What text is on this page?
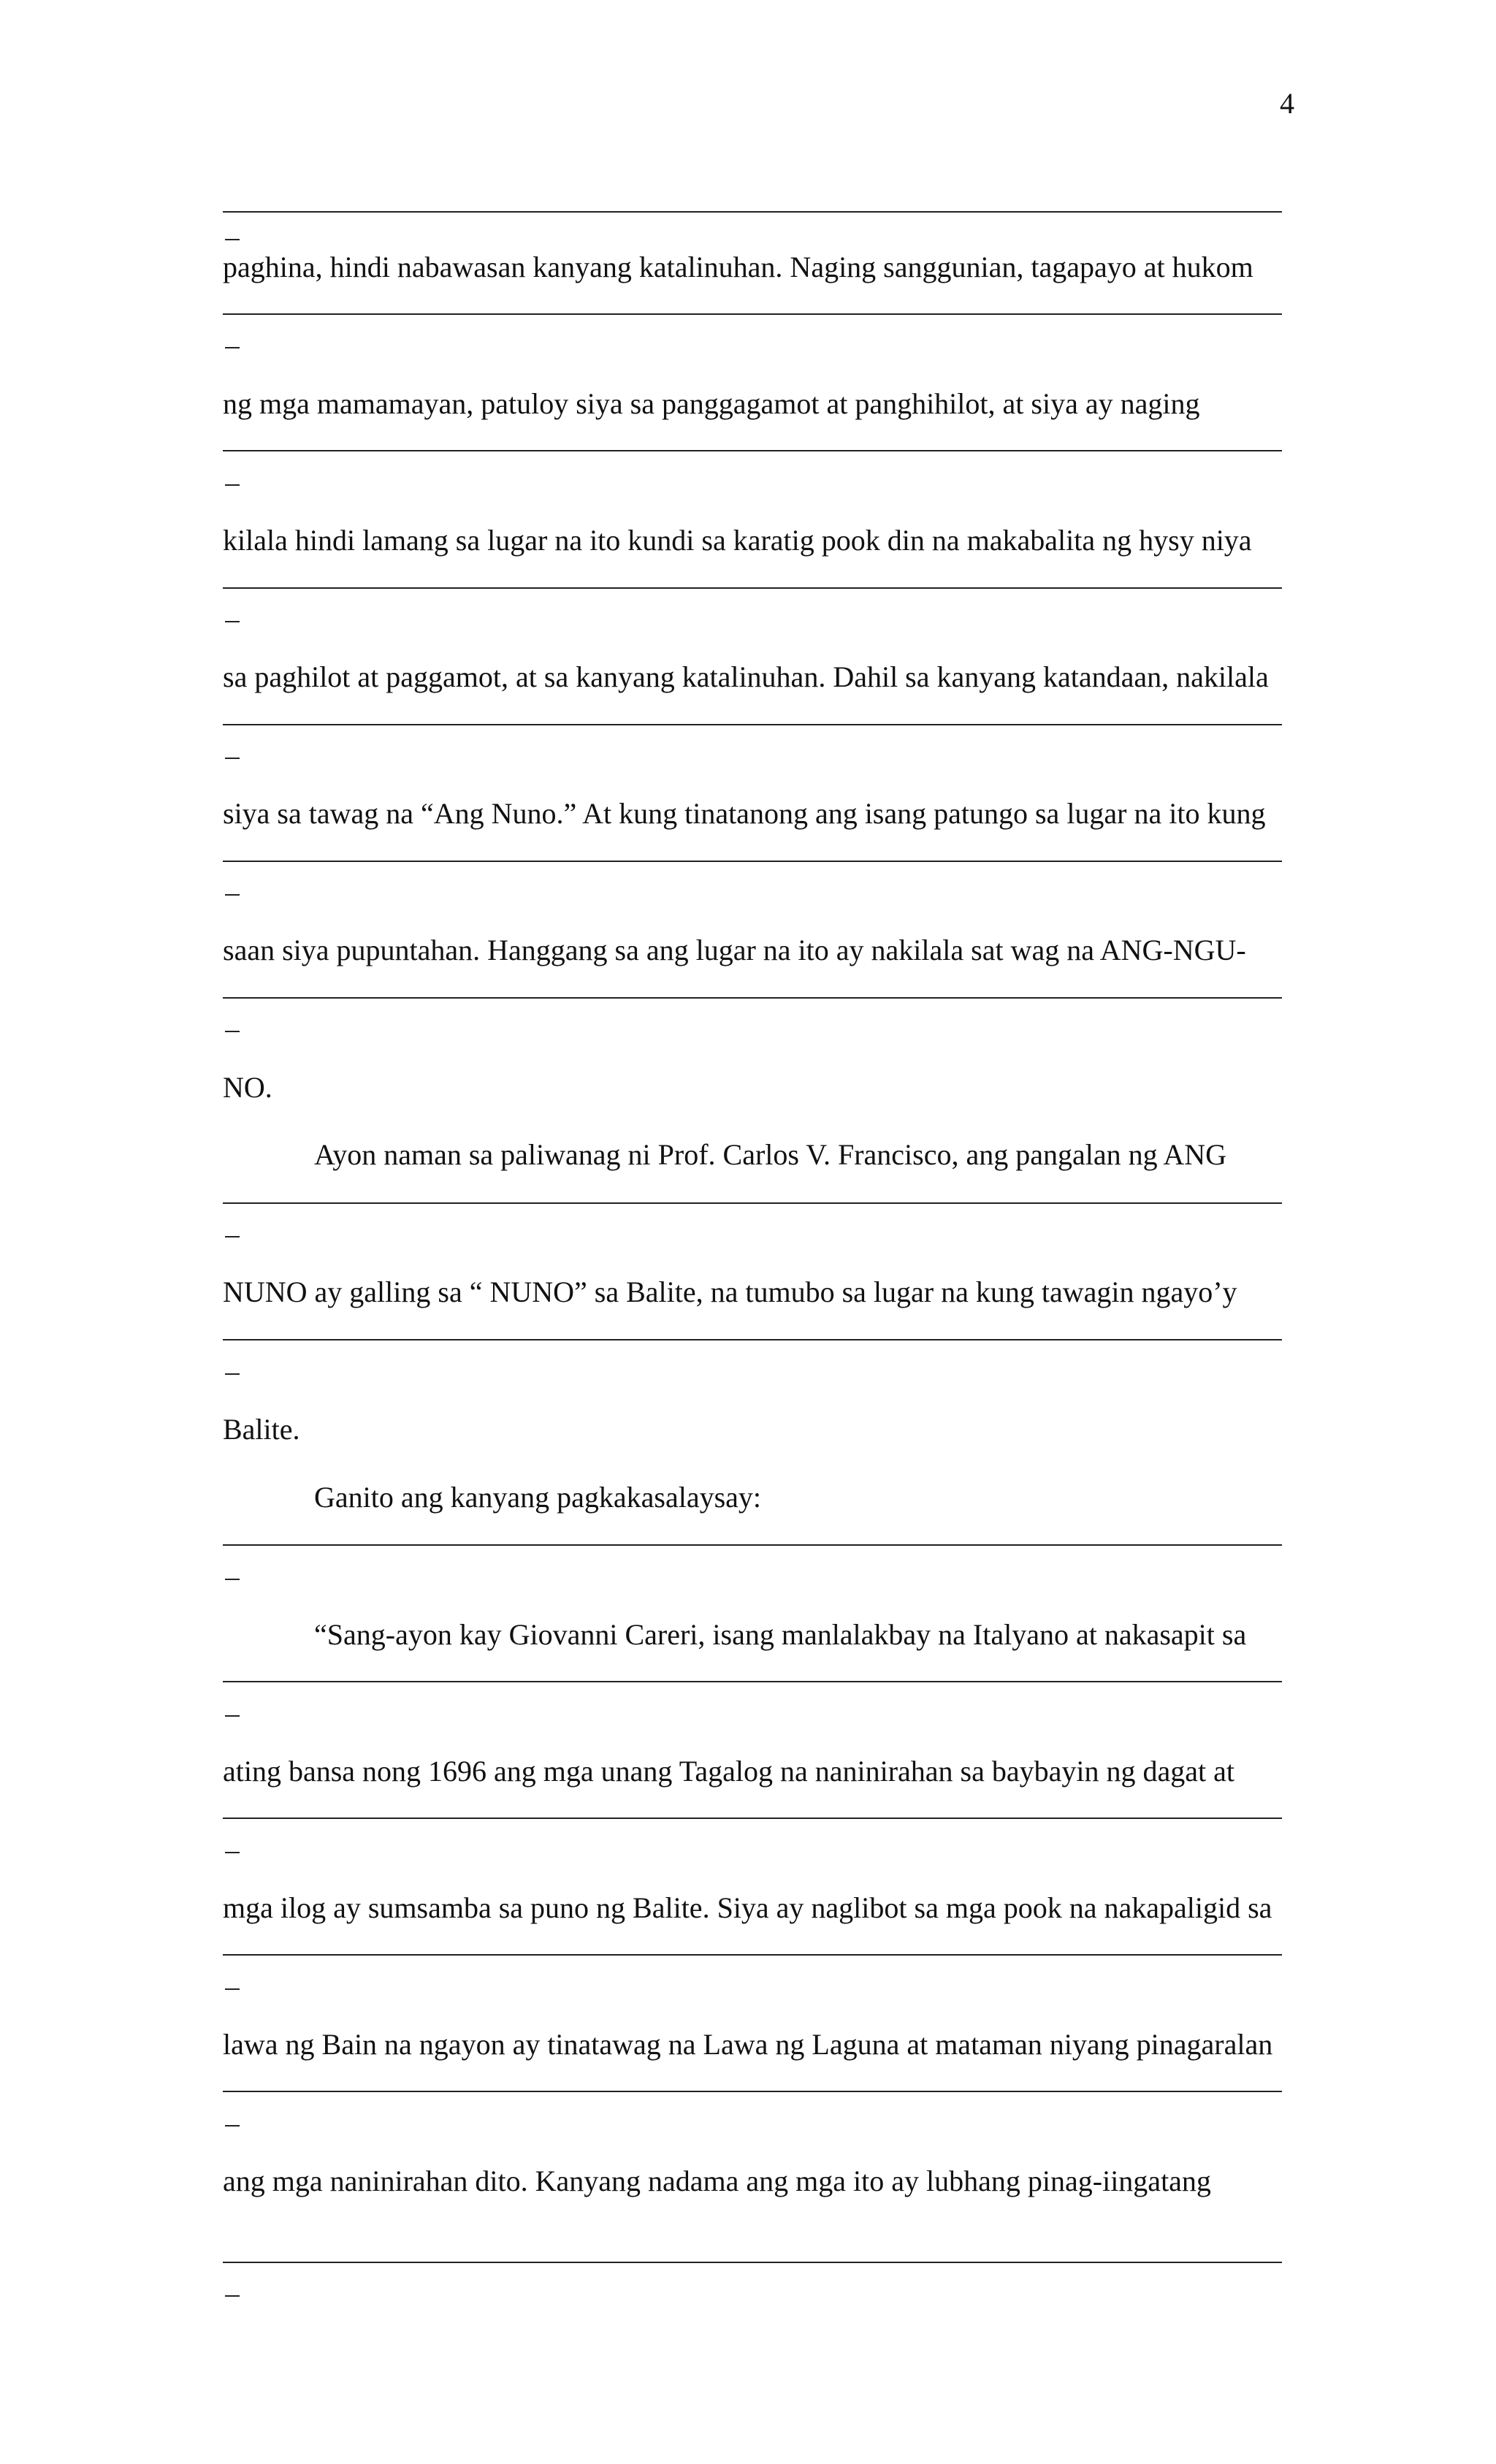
4
paghina, hindi nabawasan kanyang katalinuhan. Naging sanggunian, tagapayo at hukom
ng mga mamamayan, patuloy siya sa panggagamot at panghihilot, at siya ay naging
kilala hindi lamang sa lugar na ito kundi sa karatig pook din na makabalita ng hysy niya
sa paghilot at paggamot, at sa kanyang katalinuhan. Dahil sa kanyang katandaan, nakilala
siya sa tawag na “Ang Nuno.” At kung tinatanong ang isang patungo sa lugar na ito kung
saan siya pupuntahan. Hanggang sa ang lugar na ito ay nakilala sat wag na ANG-NGU-
NO.
Ayon naman sa paliwanag ni Prof. Carlos V. Francisco, ang pangalan ng ANG
NUNO ay galling sa “ NUNO” sa Balite, na tumubo sa lugar na kung tawagin ngayo’y
Balite.
Ganito ang kanyang pagkakasalaysay:
“Sang-ayon kay Giovanni Careri, isang manlalakbay na Italyano at nakasapit sa
ating bansa nong 1696 ang mga unang Tagalog na naninirahan sa baybayin ng dagat at
mga ilog ay sumsamba sa puno ng Balite. Siya ay naglibot sa mga pook na nakapaligid sa
lawa ng Bain na ngayon ay tinatawag na Lawa ng Laguna at mataman niyang pinagaralan
ang mga naninirahan dito. Kanyang nadama ang mga ito ay lubhang pinag-iingatang
